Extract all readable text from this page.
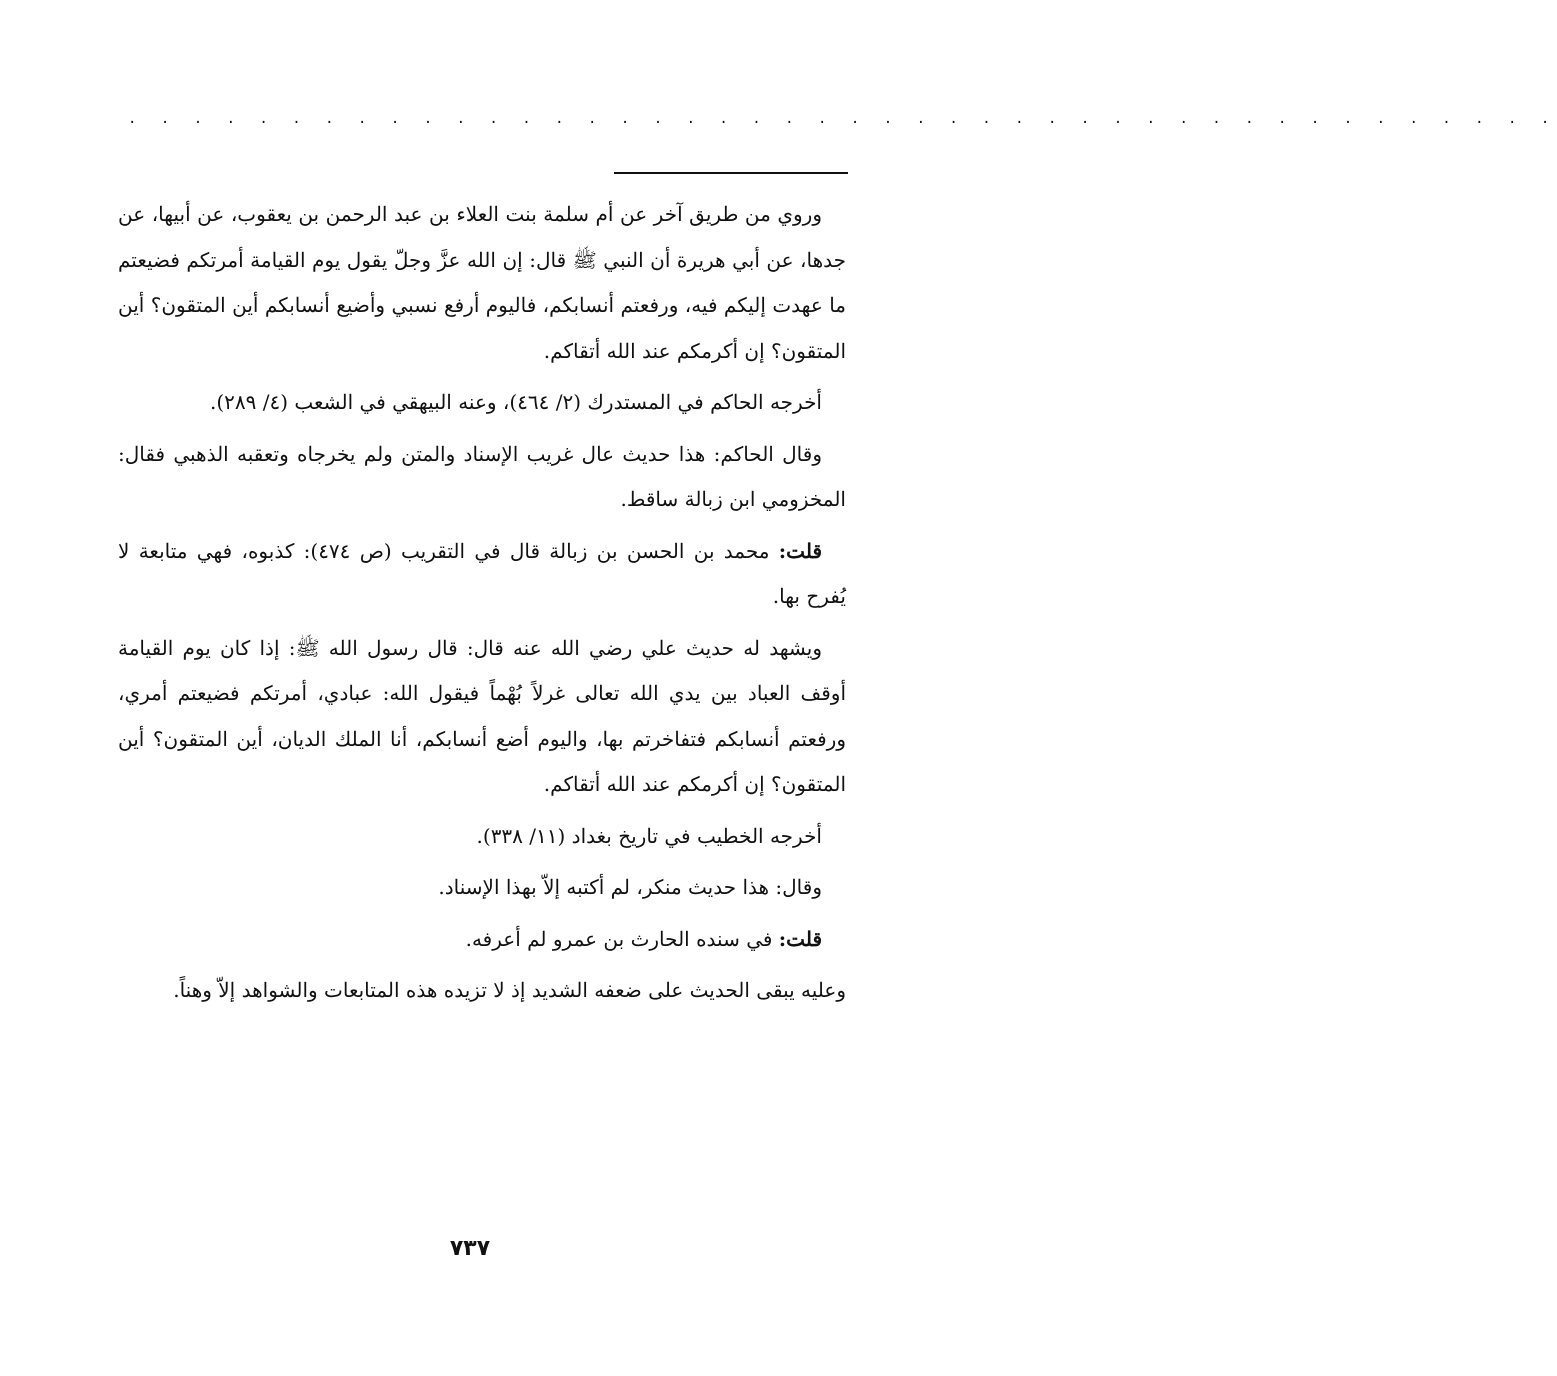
. . . . . . . . . . . . . . . . . . . . . . . . . . . . . . . . . . . . . . . . . . . .

وروي من طريق آخر عن أم سلمة بنت العلاء بن عبد الرحمن بن يعقوب، عن أبيها، عن جدها، عن أبي هريرة أن النبي ﷺ قال: إن الله عزَّ وجلّ يقول يوم القيامة أمرتكم فضيعتم ما عهدت إليكم فيه، ورفعتم أنسابكم، فاليوم أرفع نسبي وأضيع أنسابكم أين المتقون؟ أين المتقون؟ إن أكرمكم عند الله أتقاكم.

أخرجه الحاكم في المستدرك (٢/ ٤٦٤)، وعنه البيهقي في الشعب (٤/ ٢٨٩).

وقال الحاكم: هذا حديث عال غريب الإسناد والمتن ولم يخرجاه وتعقبه الذهبي فقال: المخزومي ابن زبالة ساقط.

قلت: محمد بن الحسن بن زبالة قال في التقريب (ص ٤٧٤): كذبوه، فهي متابعة لا يُفرح بها.

ويشهد له حديث علي رضي الله عنه قال: قال رسول الله ﷺ: إذا كان يوم القيامة أوقف العباد بين يدي الله تعالى غرلاً بُهْماً فيقول الله: عبادي، أمرتكم فضيعتم أمري، ورفعتم أنسابكم فتفاخرتم بها، واليوم أضع أنسابكم، أنا الملك الديان، أين المتقون؟ أين المتقون؟ إن أكرمكم عند الله أتقاكم.

أخرجه الخطيب في تاريخ بغداد (١١/ ٣٣٨).

وقال: هذا حديث منكر، لم أكتبه إلاّ بهذا الإسناد.

قلت: في سنده الحارث بن عمرو لم أعرفه.

وعليه يبقى الحديث على ضعفه الشديد إذ لا تزيده هذه المتابعات والشواهد إلاّ وهناً.

٧٣٧
